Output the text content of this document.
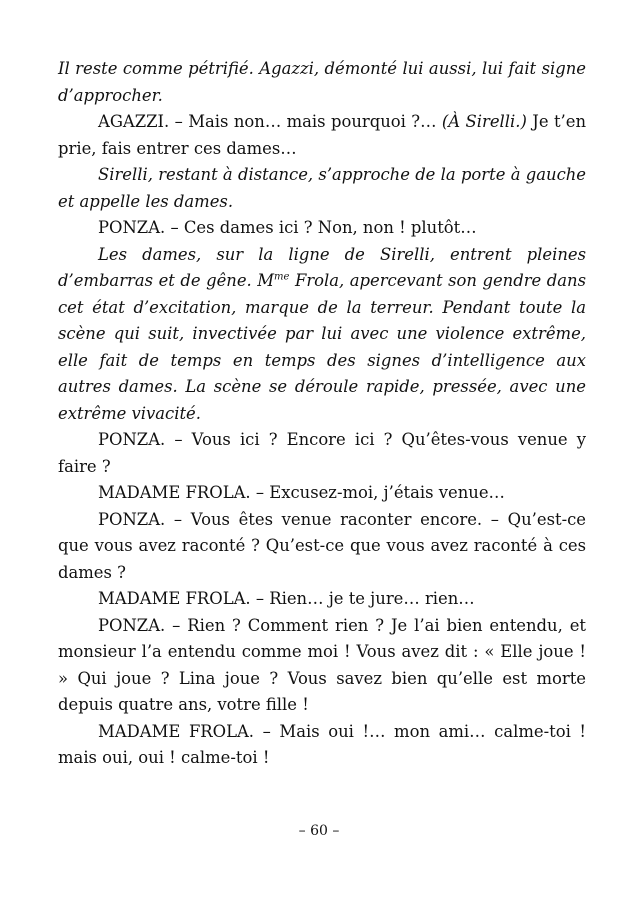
Il reste comme pétrifié. Agazzi, démonté lui aussi, lui fait signe d’approcher.

AGAZZI. – Mais non… mais pourquoi ?… (À Sirelli.) Je t’en prie, fais entrer ces dames…

Sirelli, restant à distance, s’approche de la porte à gauche et appelle les dames.

PONZA. – Ces dames ici ? Non, non ! plutôt…

Les dames, sur la ligne de Sirelli, entrent pleines d’embarras et de gêne. $M^{me}$ Frola, apercevant son gendre dans cet état d’excitation, marque de la terreur. Pendant toute la scène qui suit, invectivée par lui avec une violence extrême, elle fait de temps en temps des signes d’intelligence aux autres dames. La scène se déroule rapide, pressée, avec une extrême vivacité.

PONZA. – Vous ici ? Encore ici ? Qu’êtes-vous venue y faire ?

MADAME FROLA. – Excusez-moi, j’étais venue…

PONZA. – Vous êtes venue raconter encore. – Qu’est-ce que vous avez raconté ? Qu’est-ce que vous avez raconté à ces dames ?

MADAME FROLA. – Rien… je te jure… rien…

PONZA. – Rien ? Comment rien ? Je l’ai bien entendu, et monsieur l’a entendu comme moi ! Vous avez dit : « Elle joue ! » Qui joue ? Lina joue ? Vous savez bien qu’elle est morte depuis quatre ans, votre fille !

MADAME FROLA. – Mais oui !… mon ami… calme-toi ! mais oui, oui ! calme-toi !

– 60 –
